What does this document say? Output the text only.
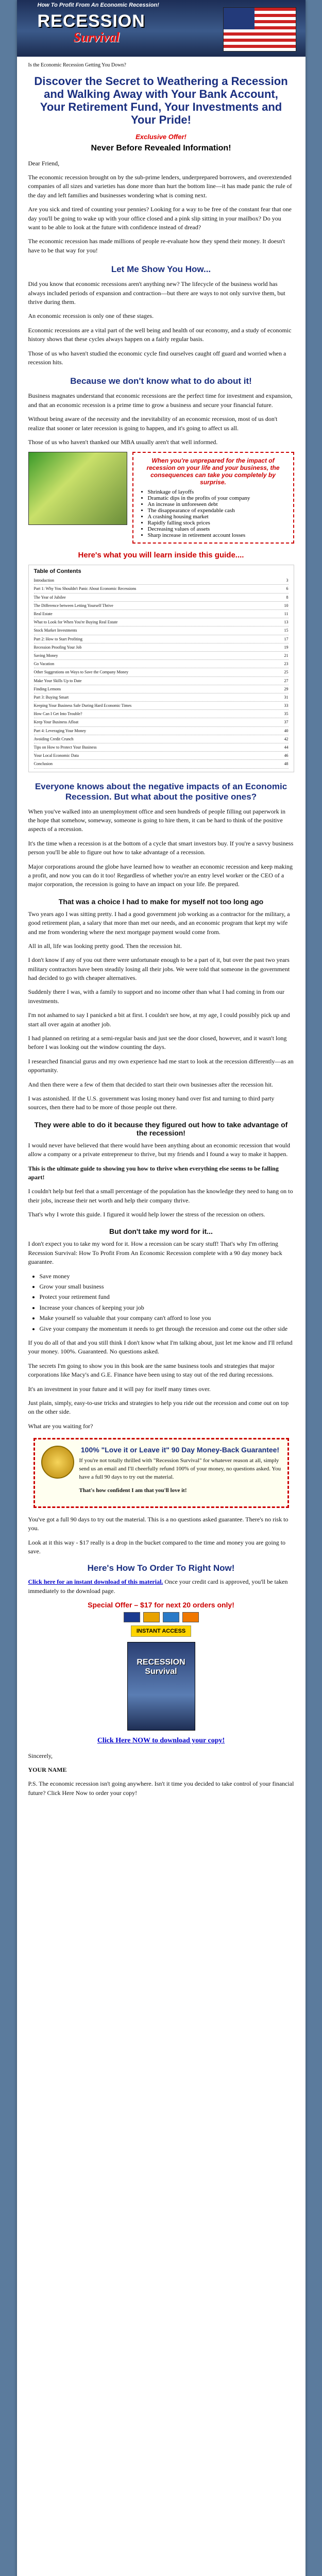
How To Profit From An Economic Recession!
RECESSION
Survival

Is the Economic Recession Getting You Down?

Discover the Secret to Weathering a Recession and Walking Away with Your Bank Account, Your Retirement Fund, Your Investments and Your Pride!
Exclusive Offer!
Never Before Revealed Information!

Dear Friend,

The economic recession brought on by the sub-prime lenders, underprepared borrowers, and overextended companies of all sizes and varieties has done more than hurt the bottom line—it has made panic the rule of the day and left families and businesses wondering what is coming next.

Are you sick and tired of counting your pennies? Looking for a way to be free of the constant fear that one day you'll be going to wake up with your office closed and a pink slip sitting in your mailbox? Do you want to be able to look at the future with confidence instead of dread?

The economic recession has made millions of people re-evaluate how they spend their money. It doesn't have to be that way for you!

Let Me Show You How...

Did you know that economic recessions aren't anything new? The lifecycle of the business world has always included periods of expansion and contraction—but there are ways to not only survive them, but thrive during them.

An economic recession is only one of these stages.

Economic recessions are a vital part of the well being and health of our economy, and a study of economic history shows that these cycles always happen on a fairly regular basis.

Those of us who haven't studied the economic cycle find ourselves caught off guard and worried when a recession hits.

Because we don't know what to do about it!

Business magnates understand that economic recessions are the perfect time for investment and expansion, and that an economic recession is a prime time to grow a business and secure your financial future.

Without being aware of the necessity and the inevitability of an economic recession, most of us don't realize that sooner or later recession is going to happen, and it's going to affect us all.

Those of us who haven't thanked our MBA usually aren't that well informed.

When you're unprepared for the impact of recession on your life and your business, the consequences can take you completely by surprise.
• Shrinkage of layoffs
• Dramatic dips in the profits of your company
• An increase in unforeseen debt
• The disappearance of expendable cash
• A crashing housing market
• Rapidly falling stock prices
• Decreasing values of assets
• Sharp increase in retirement account losses
Here's what you will learn inside this guide....
Table of Contents
Introduction	3
Part 1: Why You Shouldn't Panic About Economic Recessions	6
The Year of Jubilee	8
The Difference between Letting Yourself Thrive	10
Real Estate	11
What to Look for When You're Buying Real Estate	13
Stock Market Investments	15
Part 2: How to Start Profiting	17
Recession Proofing Your Job	19
Saving Money	21
Go Vacation	23
Other Suggestions on Ways to Save the Company Money	25
Make Your Skills Up to Date	27
Finding Lemons	29
Part 3: Buying Smart	31
Keeping Your Business Safe During Hard Economic Times	33
How Can I Get Into Trouble?	35
Keep Your Business Afloat	37
Part 4: Leveraging Your Money	40
Avoiding Credit Crunch	42
Tips on How to Protect Your Business	44
Your Local Economic Data	46
Conclusion	48
Everyone knows about the negative impacts of an Economic Recession. But what about the positive ones?

When you've walked into an unemployment office and seen hundreds of people filling out paperwork in the hope that somehow, someway, someone is going to hire them, it can be hard to think of the positive aspects of a recession.

It's the time when a recession is at the bottom of a cycle that smart investors buy. If you're a savvy business person you'll be able to figure out how to take advantage of a recession.

Major corporations around the globe have learned how to weather an economic recession and keep making a profit, and now you can do it too! Regardless of whether you're an entry level worker or the CEO of a major corporation, the recession is going to have an impact on your life. Be prepared.

That was a choice I had to make for myself not too long ago

Two years ago I was sitting pretty. I had a good government job working as a contractor for the military, a good retirement plan, a salary that more than met our needs, and an economic program that kept my wife and me from wondering where the next mortgage payment would come from.

All in all, life was looking pretty good. Then the recession hit.

I don't know if any of you out there were unfortunate enough to be a part of it, but over the past two years military contractors have been steadily losing all their jobs. We were told that someone in the government had decided to go with cheaper alternatives.

Suddenly there I was, with a family to support and no income other than what I had coming in from our investments.

I'm not ashamed to say I panicked a bit at first. I couldn't see how, at my age, I could possibly pick up and start all over again at another job.

I had planned on retiring at a semi-regular basis and just see the door closed, however, and it wasn't long before I was looking out the window counting the days.

I researched financial gurus and my own experience had me start to look at the recession differently—as an opportunity.

And then there were a few of them that decided to start their own businesses after the recession hit.

I was astonished. If the U.S. government was losing money hand over fist and turning to third party sources, then there had to be more of those people out there.

They were able to do it because they figured out how to take advantage of the recession!

I would never have believed that there would have been anything about an economic recession that would allow a company or a private entrepreneur to thrive, but my friends and I found a way to make it happen.

This is the ultimate guide to showing you how to thrive when everything else seems to be falling apart!

I couldn't help but feel that a small percentage of the population has the knowledge they need to hang on to their jobs, increase their net worth and help their company thrive.

That's why I wrote this guide. I figured it would help lower the stress of the recession on others.

But don't take my word for it...

I don't expect you to take my word for it. How a recession can be scary stuff! That's why I'm offering Recession Survival: How To Profit From An Economic Recession complete with a 90 day money back guarantee.

• Save money
• Grow your small business
• Protect your retirement fund
• Increase your chances of keeping your job
• Make yourself so valuable that your company can't afford to lose you
• Give your company the momentum it needs to get through the recession and come out the other side

If you do all of that and you still think I don't know what I'm talking about, just let me know and I'll refund your money. 100%. Guaranteed. No questions asked.

The secrets I'm going to show you in this book are the same business tools and strategies that major corporations like Macy's and G.E. Finance have been using to stay out of the red during recessions.

It's an investment in your future and it will pay for itself many times over.

Just plain, simply, easy-to-use tricks and strategies to help you ride out the recession and come out on top on the other side.

What are you waiting for?

100% "Love it or Leave it" 90 Day Money-Back Guarantee!

If you're not totally thrilled with "Recession Survival" for whatever reason at all, simply send us an email and I'll cheerfully refund 100% of your money, no questions asked. You have a full 90 days to try out the material.

That's how confident I am that you'll love it!

You've got a full 90 days to try out the material. This is a no questions asked guarantee. There's no risk to you.

Look at it this way - $17 really is a drop in the bucket compared to the time and money you are going to save.

Here's How To Order To Right Now!

Click here for an instant download of this material. Once your credit card is approved, you'll be taken immediately to the download page.

Special Offer – $17 for next 20 orders only!
INSTANT ACCESS
RECESSION Survival

Click Here NOW to download your copy!

Sincerely,

YOUR NAME

P.S. The economic recession isn't going anywhere. Isn't it time you decided to take control of your financial future? Click Here Now to order your copy!
